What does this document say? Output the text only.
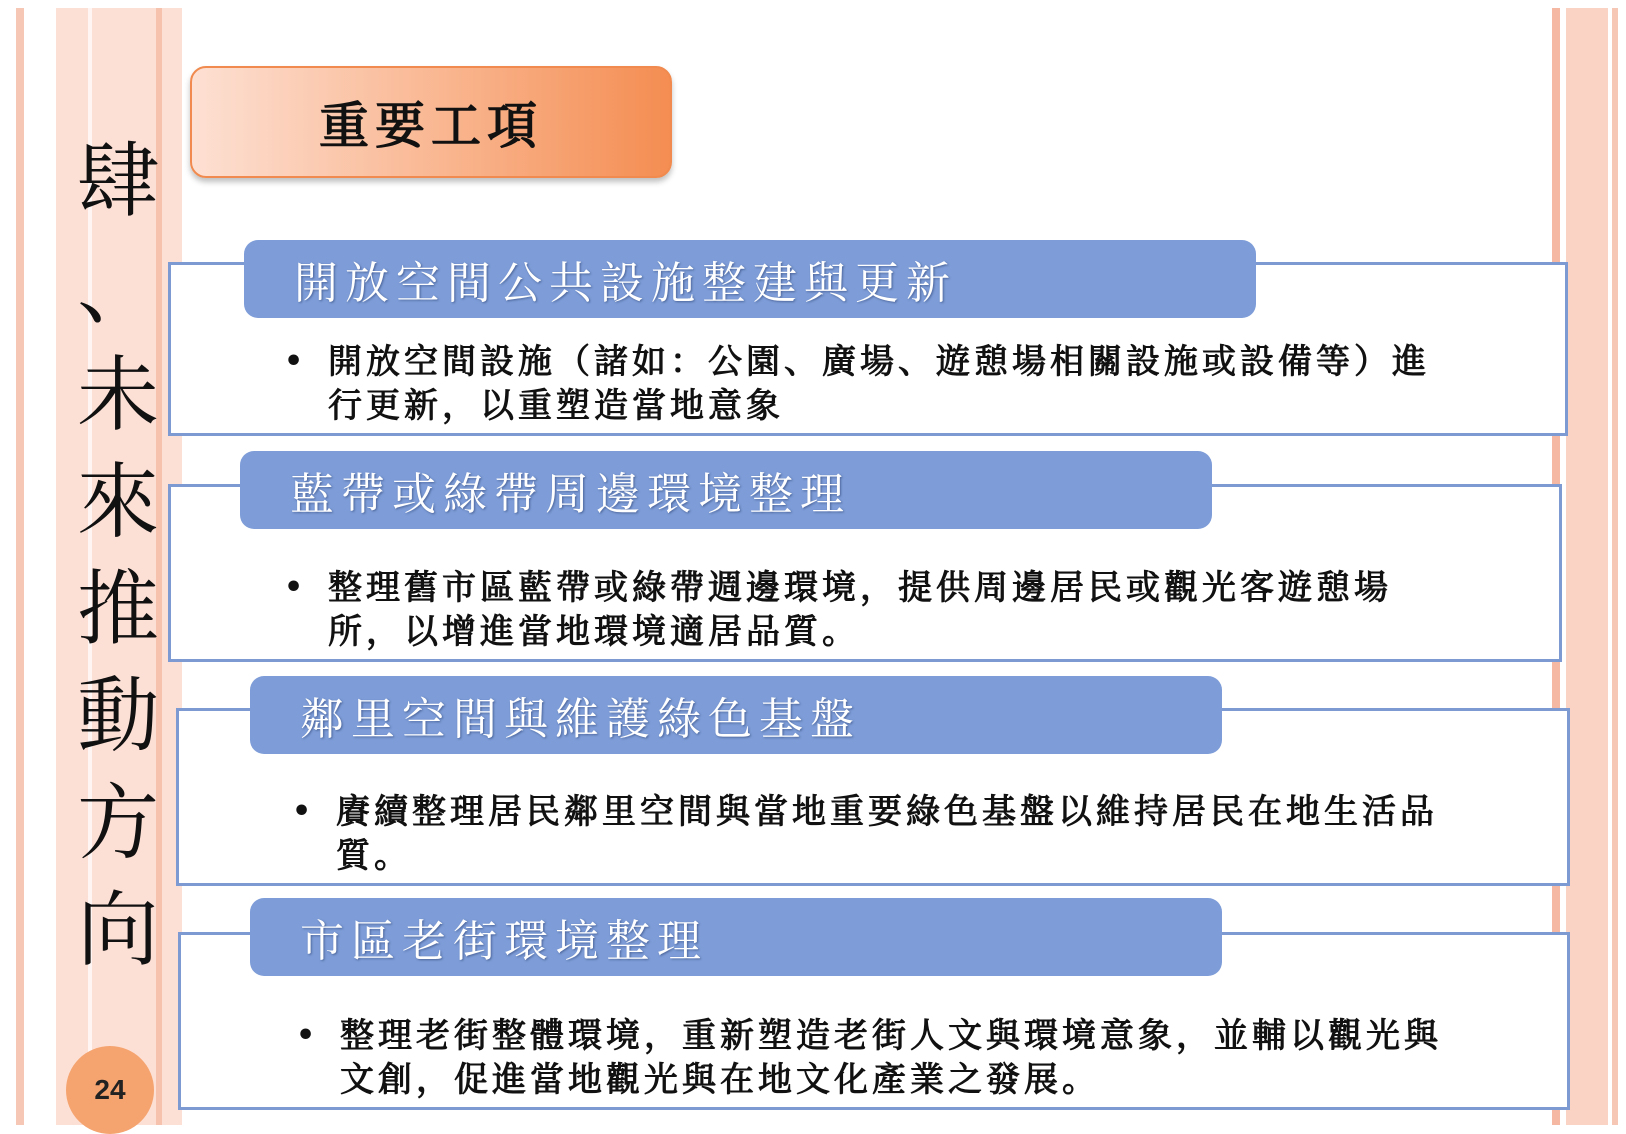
肆
、
未
來
推
動
方
向
24
重要工項
開放空間公共設施整建與更新
• 開放空間設施（諸如：公園、廣場、遊憩場相關設施或設備等）進行更新，以重塑造當地意象
藍帶或綠帶周邊環境整理
• 整理舊市區藍帶或綠帶週邊環境，提供周邊居民或觀光客遊憩場所，以增進當地環境適居品質。
鄰里空間與維護綠色基盤
• 賡續整理居民鄰里空間與當地重要綠色基盤以維持居民在地生活品質。
市區老街環境整理
• 整理老街整體環境，重新塑造老街人文與環境意象，並輔以觀光與文創，促進當地觀光與在地文化產業之發展。
